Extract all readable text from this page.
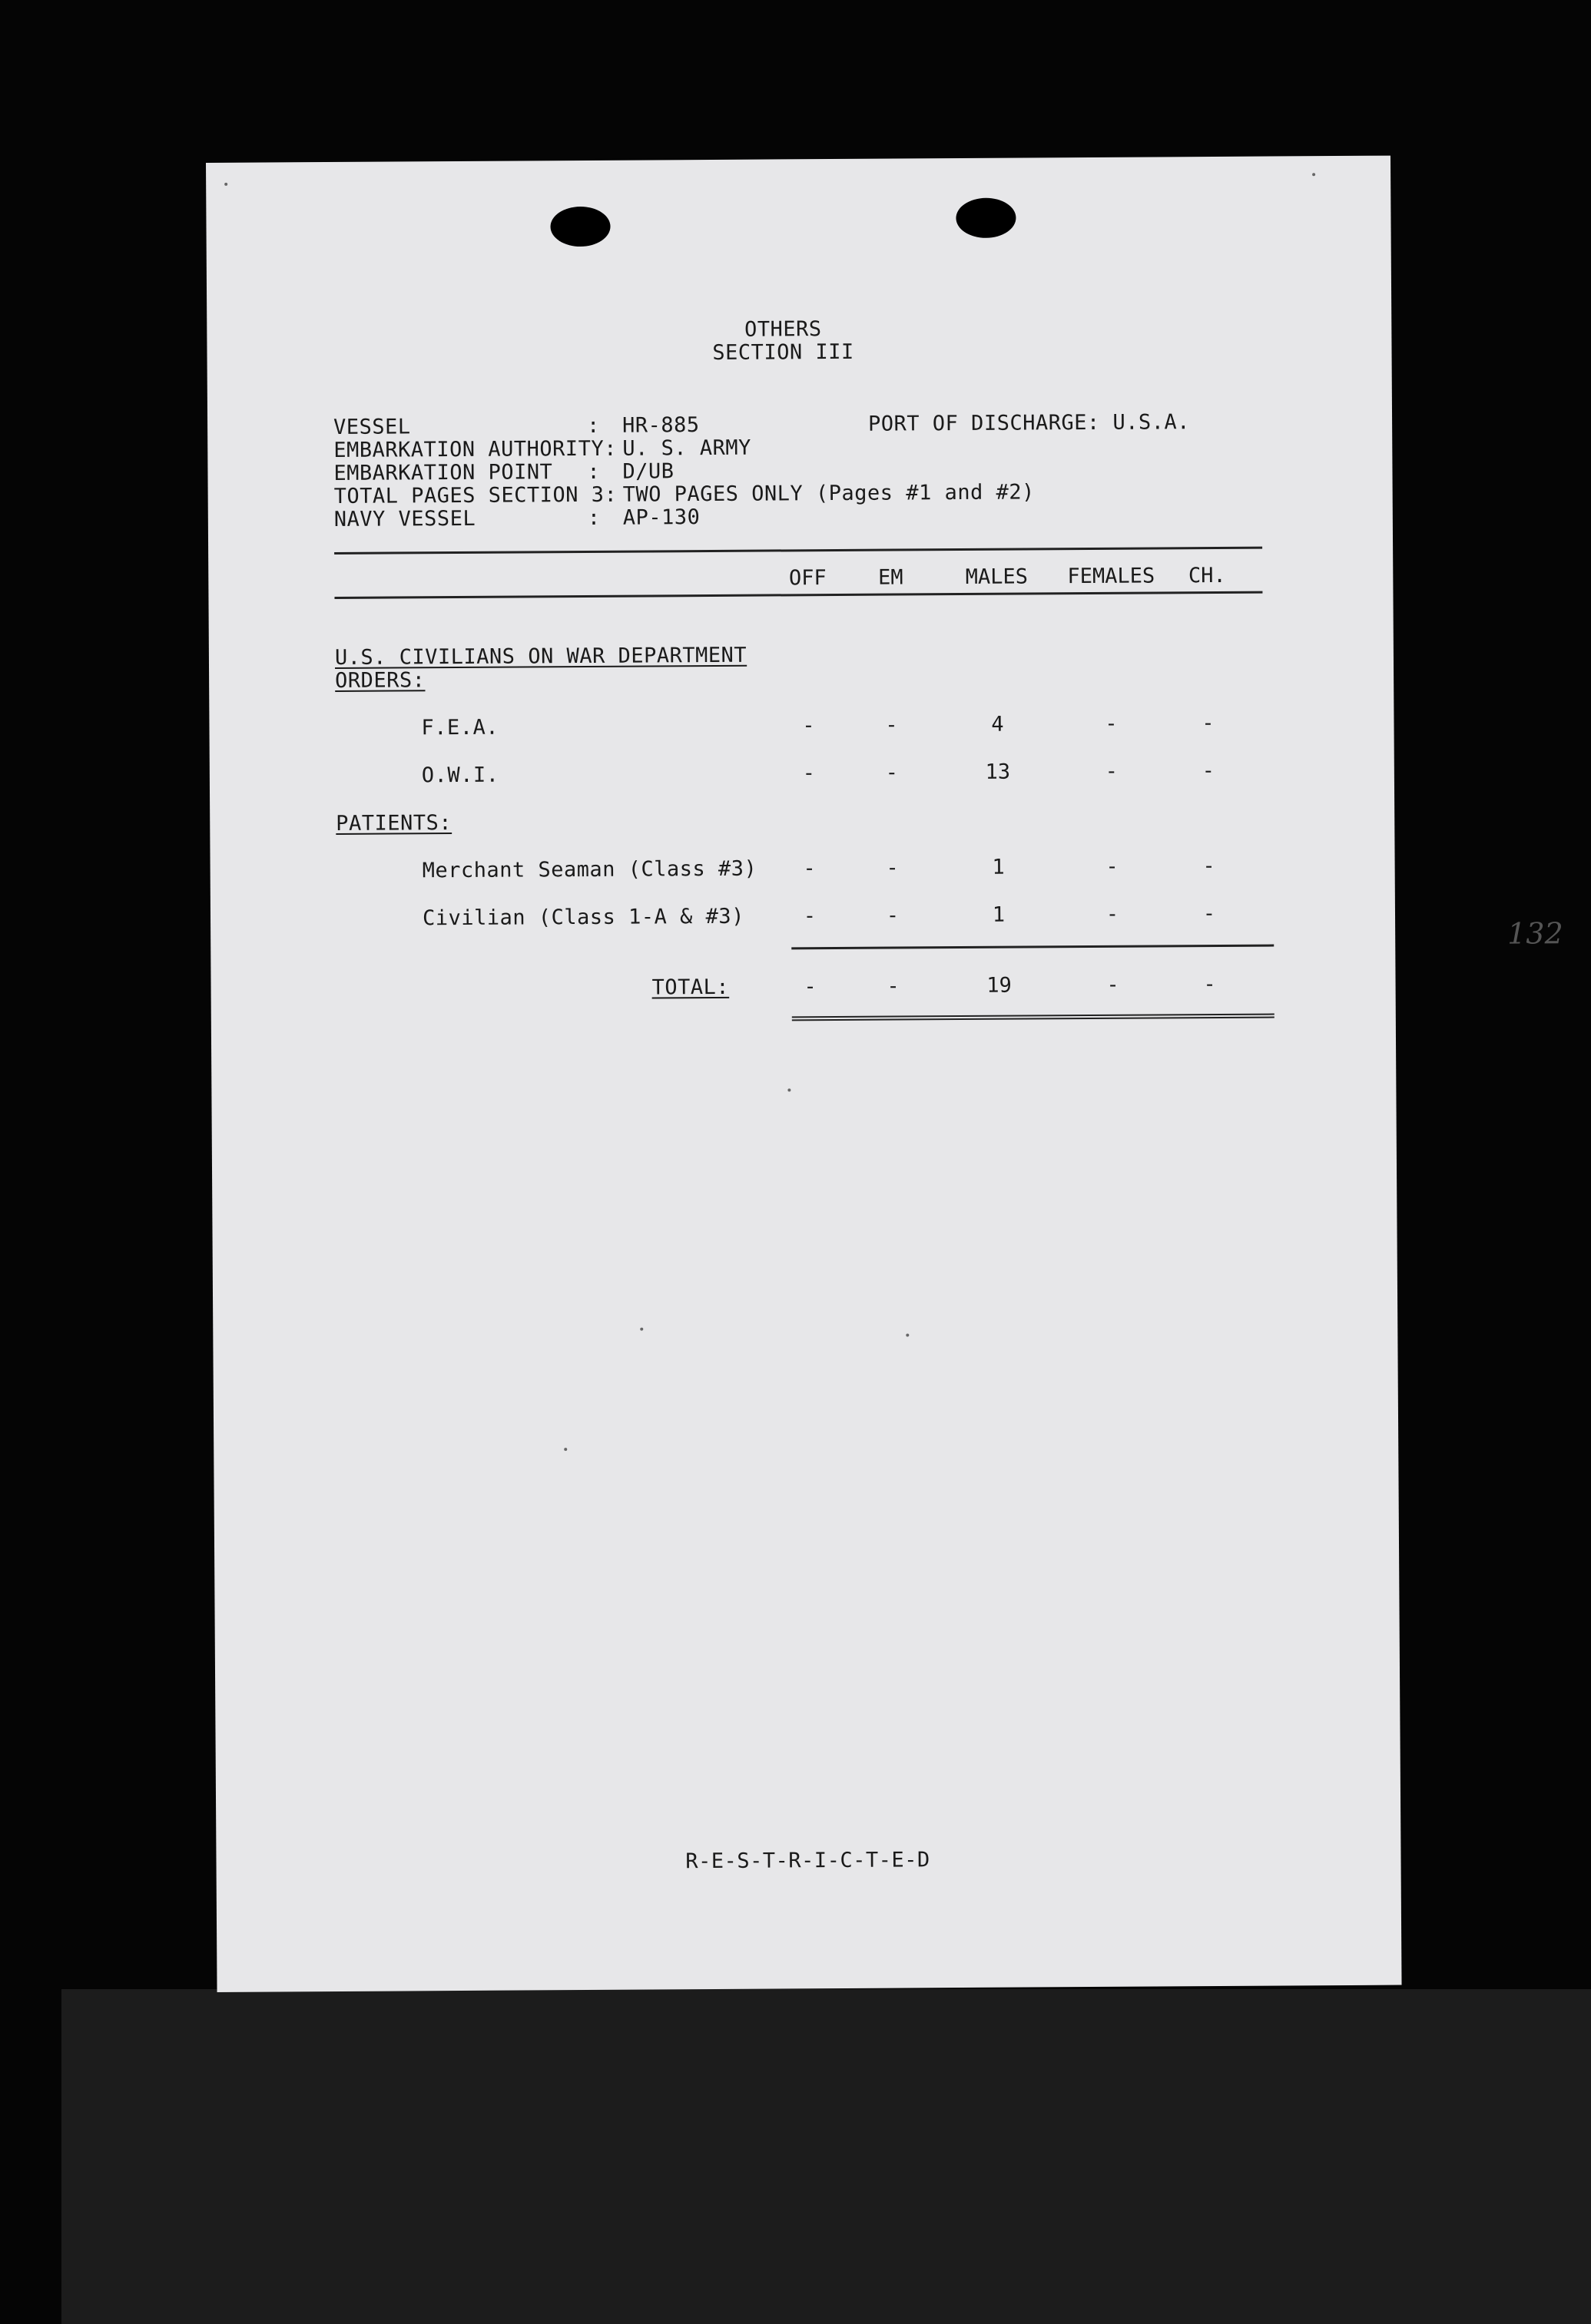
OTHERS
SECTION III
VESSEL	: HR-885	PORT OF DISCHARGE: U.S.A.
EMBARKATION AUTHORITY: U. S. ARMY
EMBARKATION POINT : D/UB
TOTAL PAGES SECTION 3: TWO PAGES ONLY (Pages #1 and #2)
NAVY VESSEL	: AP-130
OFF	EM	MALES	FEMALES	CH.
U.S. CIVILIANS ON WAR DEPARTMENT
ORDERS:
F.E.A.	-	-	4	-	-
O.W.I.	-	-	13	-	-
PATIENTS:
Merchant Seaman (Class #3)	-	-	1	-	-
Civilian (Class 1-A & #3)	-	-	1	-	-
TOTAL:	-	-	19	-	-
132
R-E-S-T-R-I-C-T-E-D
